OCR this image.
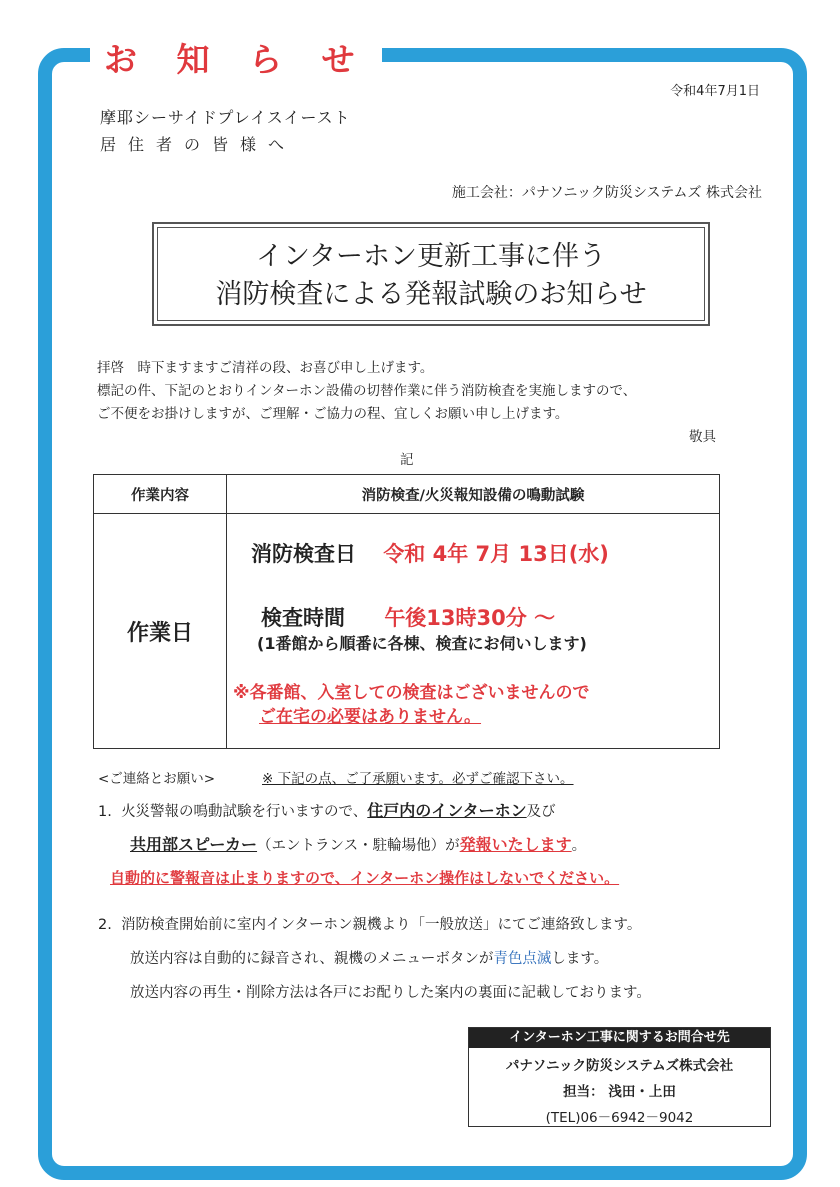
お 知 ら せ
令和4年7月1日
摩耶シーサイドプレイスイースト
居住者の皆様へ
施工会社：パナソニック防災システムズ 株式会社
インターホン更新工事に伴う
消防検査による発報試験のお知らせ
拝啓　時下ますますご清祥の段、お喜び申し上げます。
標記の件、下記のとおりインターホン設備の切替作業に伴う消防検査を実施しますので、
ご不便をお掛けしますが、ご理解・ご協力の程、宜しくお願い申し上げます。
敬具
記
作業内容	消防検査/火災報知設備の鳴動試験
作業日	消防検査日 令和 4年 7月 13日(水)
検査時間 午後13時30分 ～
(1番館から順番に各棟、検査にお伺いします)
※各番館、入室しての検査はございませんので
ご在宅の必要はありません。
<ご連絡とお願い>	※ 下記の点、ご了承願います。必ずご確認下さい。
1. 火災警報の鳴動試験を行いますので、住戸内のインターホン及び
共用部スピーカー（エントランス・駐輪場他）が発報いたします。
自動的に警報音は止まりますので、インターホン操作はしないでください。
2. 消防検査開始前に室内インターホン親機より「一般放送」にてご連絡致します。
放送内容は自動的に録音され、親機のメニューボタンが青色点滅します。
放送内容の再生・削除方法は各戸にお配りした案内の裏面に記載しております。
インターホン工事に関するお問合せ先
パナソニック防災システムズ株式会社
担当： 浅田・上田
(TEL)06－6942－9042
